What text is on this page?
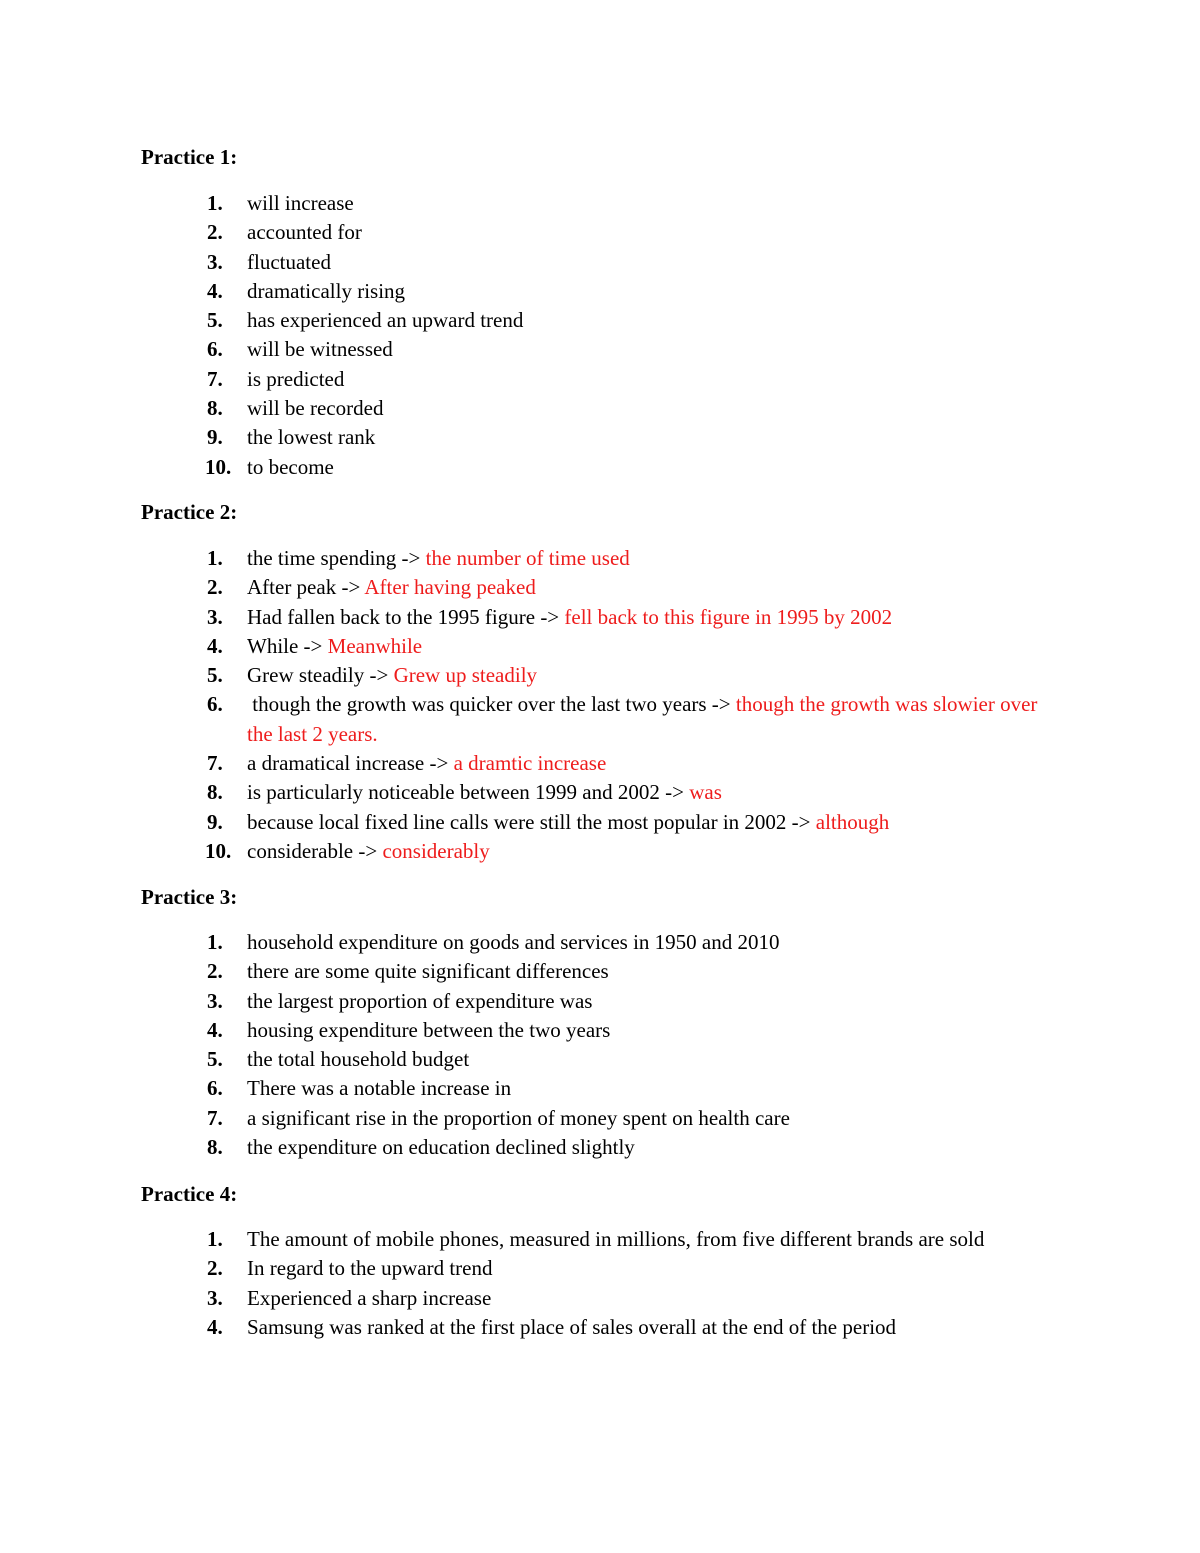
Practice 1:
1. will increase
2. accounted for
3. fluctuated
4. dramatically rising
5. has experienced an upward trend
6. will be witnessed
7. is predicted
8. will be recorded
9. the lowest rank
10. to become
Practice 2:
1. the time spending -> the number of time used
2. After peak -> After having peaked
3. Had fallen back to the 1995 figure -> fell back to this figure in 1995 by 2002
4. While -> Meanwhile
5. Grew steadily -> Grew up steadily
6. though the growth was quicker over the last two years -> though the growth was slowier over the last 2 years.
7. a dramatical increase -> a dramtic increase
8. is particularly noticeable between 1999 and 2002 -> was
9. because local fixed line calls were still the most popular in 2002 -> although
10. considerable -> considerably
Practice 3:
1. household expenditure on goods and services in 1950 and 2010
2. there are some quite significant differences
3. the largest proportion of expenditure was
4. housing expenditure between the two years
5. the total household budget
6. There was a notable increase in
7. a significant rise in the proportion of money spent on health care
8. the expenditure on education declined slightly
Practice 4:
1. The amount of mobile phones, measured in millions, from five different brands are sold
2. In regard to the upward trend
3. Experienced a sharp increase
4. Samsung was ranked at the first place of sales overall at the end of the period
